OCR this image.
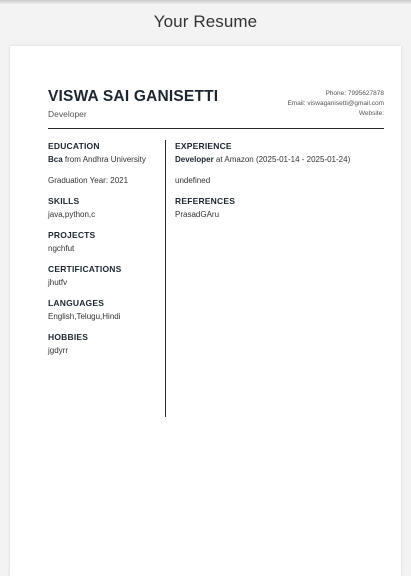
Your Resume
VISWA SAI GANISETTI
Developer
Phone: 7995627878
Email: viswaganisetti@gmail.com
Website:

EDUCATION

Bca from Andhra University

Graduation Year: 2021

SKILLS

java,python,c

PROJECTS

ngchfut

CERTIFICATIONS

jhutfv

LANGUAGES

English,Telugu,Hindi

HOBBIES

jgdyrr

EXPERIENCE

Developer at Amazon (2025-01-14 - 2025-01-24)

undefined

REFERENCES

PrasadGAru
